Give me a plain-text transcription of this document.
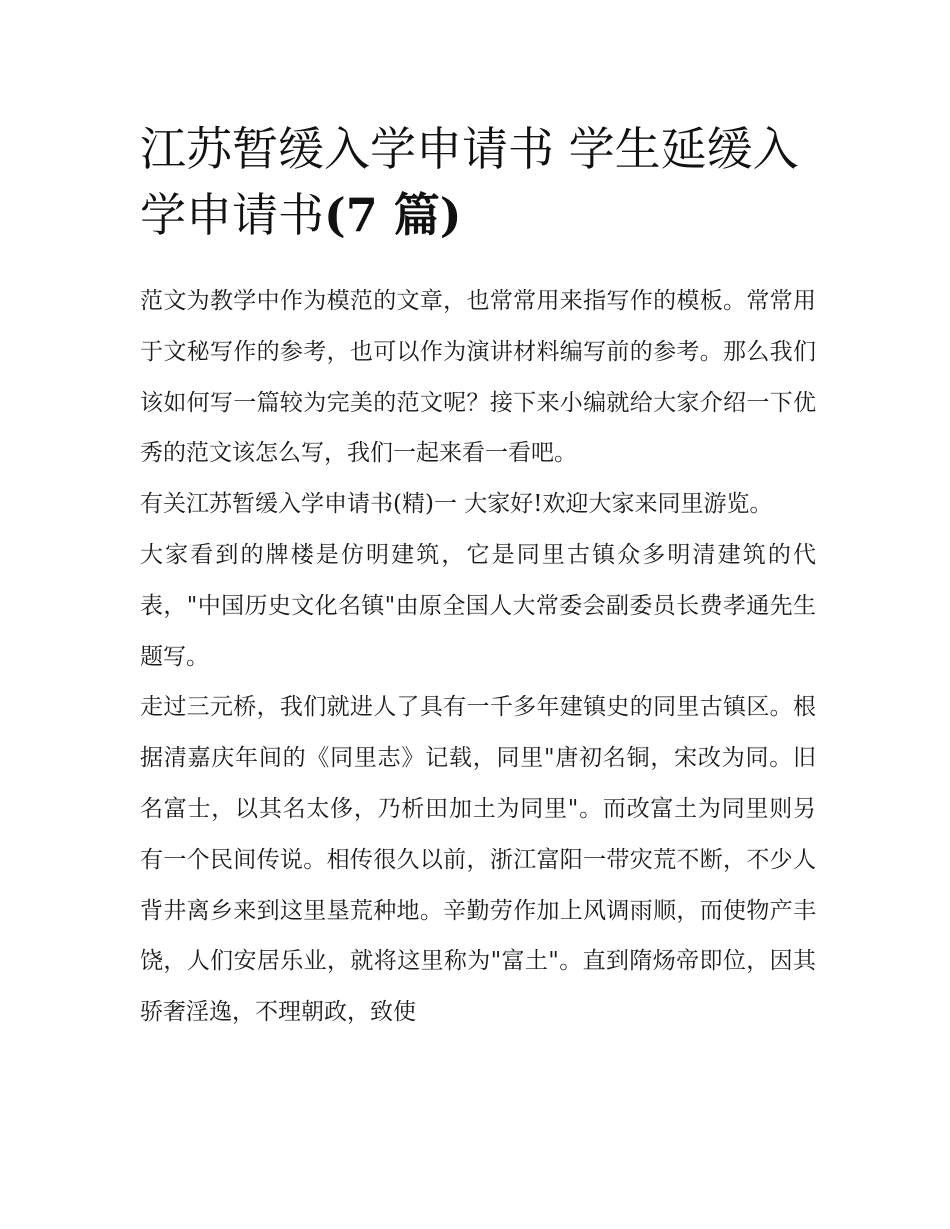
江苏暂缓入学申请书 学生延缓入学申请书(7 篇)

范文为教学中作为模范的文章，也常常用来指写作的模板。常常用于文秘写作的参考，也可以作为演讲材料编写前的参考。那么我们该如何写一篇较为完美的范文呢？接下来小编就给大家介绍一下优秀的范文该怎么写，我们一起来看一看吧。

有关江苏暂缓入学申请书(精)一 大家好!欢迎大家来同里游览。

大家看到的牌楼是仿明建筑，它是同里古镇众多明清建筑的代表，"中国历史文化名镇"由原全国人大常委会副委员长费孝通先生题写。

走过三元桥，我们就进人了具有一千多年建镇史的同里古镇区。根据清嘉庆年间的《同里志》记载，同里"唐初名铜，宋改为同。旧名富士，以其名太侈，乃析田加土为同里"。而改富土为同里则另有一个民间传说。相传很久以前，浙江富阳一带灾荒不断，不少人背井离乡来到这里垦荒种地。辛勤劳作加上风调雨顺，而使物产丰饶，人们安居乐业，就将这里称为"富土"。直到隋炀帝即位，因其骄奢淫逸，不理朝政，致使
